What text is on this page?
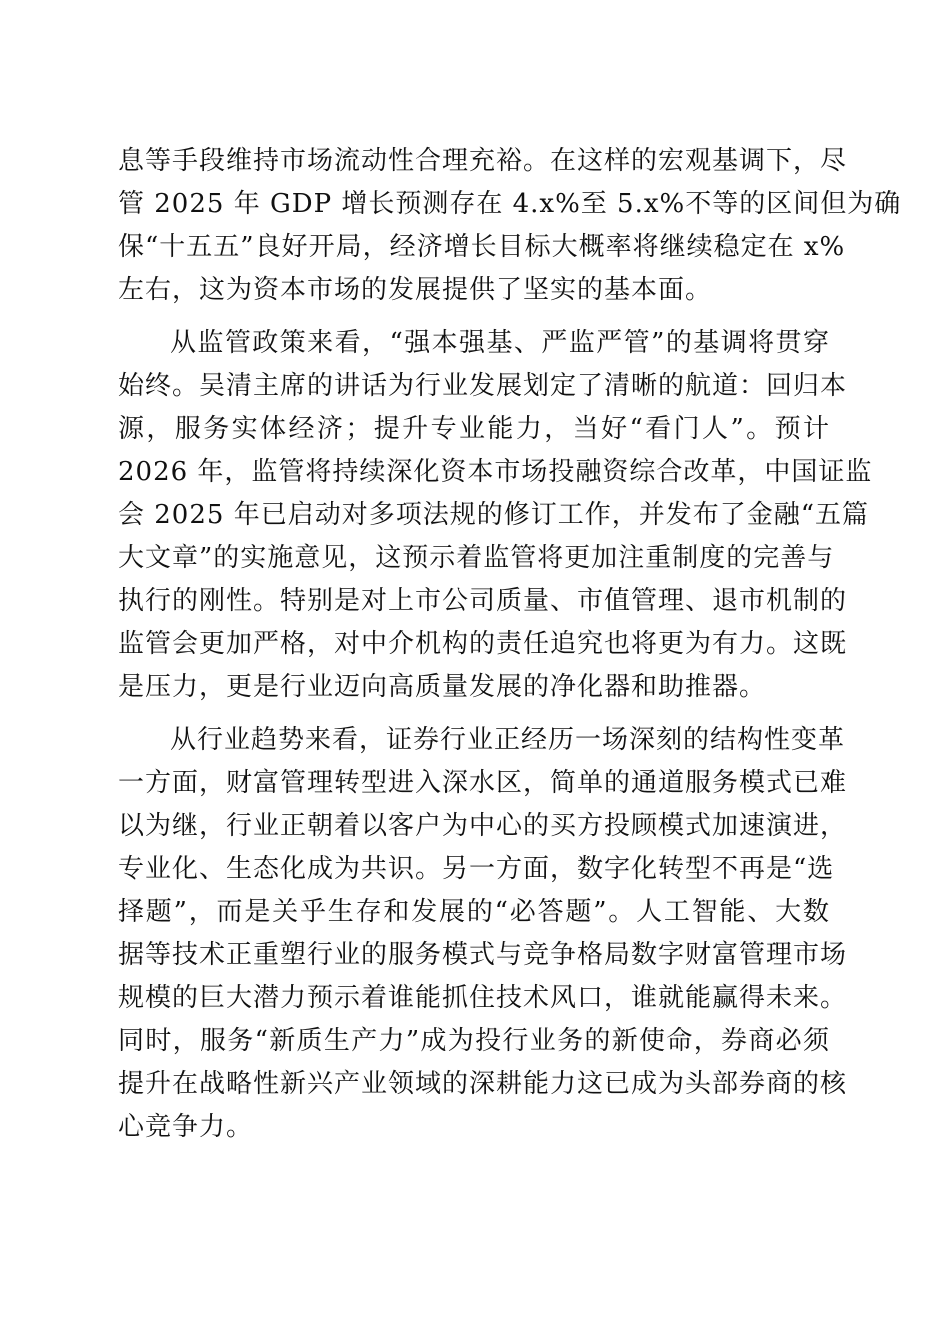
息等手段维持市场流动性合理充裕。在这样的宏观基调下，尽
管 2025 年 GDP 增长预测存在 4.x%至 5.x%不等的区间但为确
保“十五五”良好开局，经济增长目标大概率将继续稳定在 x%
左右，这为资本市场的发展提供了坚实的基本面。
从监管政策来看，“强本强基、严监严管”的基调将贯穿
始终。吴清主席的讲话为行业发展划定了清晰的航道：回归本
源，服务实体经济；提升专业能力，当好“看门人”。预计
2026 年，监管将持续深化资本市场投融资综合改革，中国证监
会 2025 年已启动对多项法规的修订工作，并发布了金融“五篇
大文章”的实施意见，这预示着监管将更加注重制度的完善与
执行的刚性。特别是对上市公司质量、市值管理、退市机制的
监管会更加严格，对中介机构的责任追究也将更为有力。这既
是压力，更是行业迈向高质量发展的净化器和助推器。
从行业趋势来看，证券行业正经历一场深刻的结构性变革
一方面，财富管理转型进入深水区，简单的通道服务模式已难
以为继，行业正朝着以客户为中心的买方投顾模式加速演进，
专业化、生态化成为共识。另一方面，数字化转型不再是“选
择题”，而是关乎生存和发展的“必答题”。人工智能、大数
据等技术正重塑行业的服务模式与竞争格局数字财富管理市场
规模的巨大潜力预示着谁能抓住技术风口，谁就能赢得未来。
同时，服务“新质生产力”成为投行业务的新使命，券商必须
提升在战略性新兴产业领域的深耕能力这已成为头部券商的核
心竞争力。
